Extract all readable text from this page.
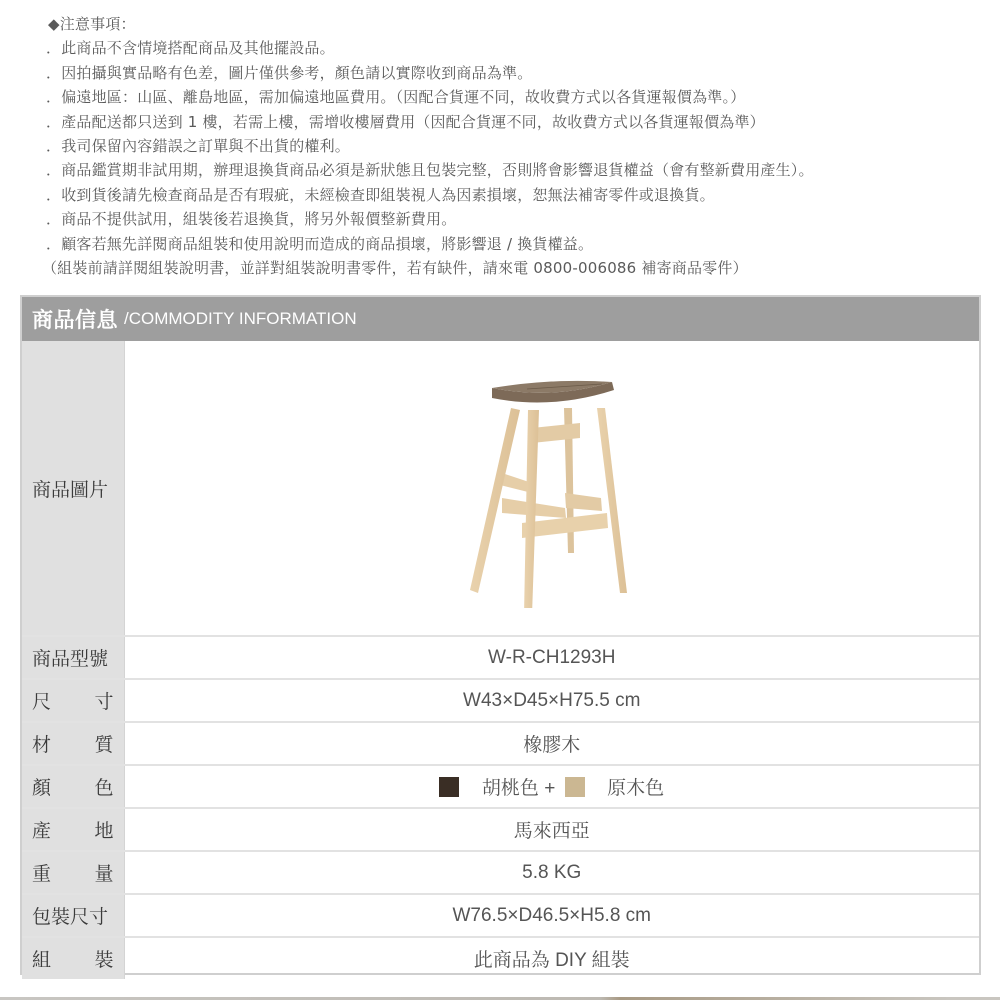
◆注意事項：
．此商品不含情境搭配商品及其他擺設品。
．因拍攝與實品略有色差，圖片僅供參考，顏色請以實際收到商品為準。
．偏遠地區：山區、離島地區，需加偏遠地區費用。（因配合貨運不同，故收費方式以各貨運報價為準。）
．產品配送都只送到 1 樓，若需上樓，需增收樓層費用（因配合貨運不同，故收費方式以各貨運報價為準）
．我司保留內容錯誤之訂單與不出貨的權利。
．商品鑑賞期非試用期，辦理退換貨商品必須是新狀態且包裝完整，否則將會影響退貨權益（會有整新費用產生）。
．收到貨後請先檢查商品是否有瑕疵，未經檢查即組裝視人為因素損壞，恕無法補寄零件或退換貨。
．商品不提供試用，組裝後若退換貨，將另外報價整新費用。
．顧客若無先詳閱商品組裝和使用說明而造成的商品損壞，將影響退 / 換貨權益。
（組裝前請詳閱組裝說明書，並詳對組裝說明書零件，若有缺件，請來電 0800-006086 補寄商品零件）
商品信息 /COMMODITY INFORMATION
商品圖片	

商品型號	W-R-CH1293H

尺 寸	W43×D45×H75.5 cm

材 質	橡膠木

顏 色	胡桃色 + 原木色

產 地	馬來西亞

重 量	5.8 KG
包裝尺寸	W76.5×D46.5×H5.8 cm

組 裝	此商品為 DIY 組裝
